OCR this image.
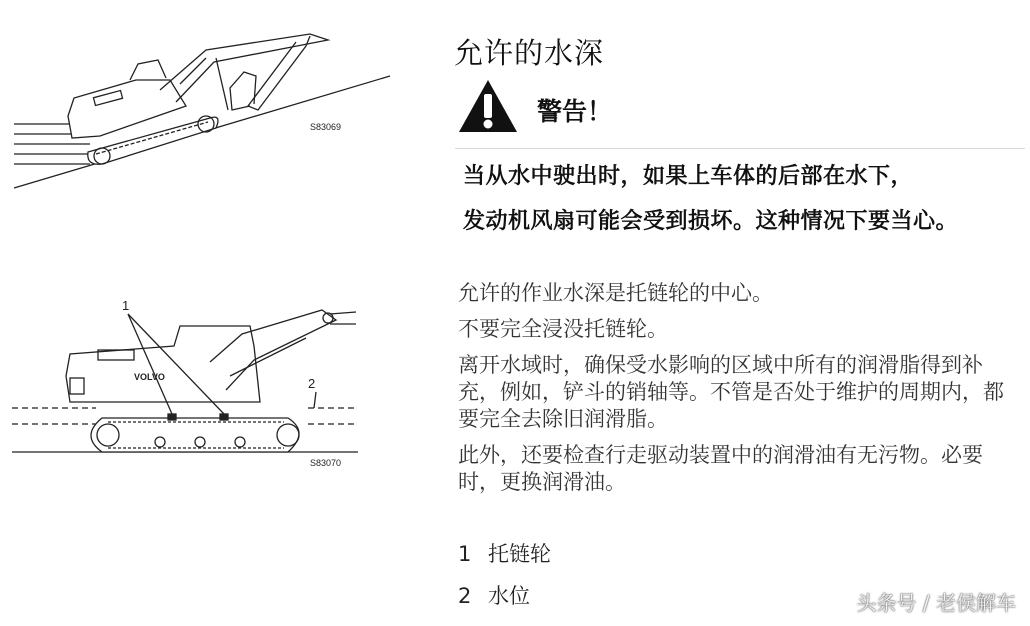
S83069
VOLVO
1
2
S83070
允许的水深
警告！

当从水中驶出时，如果上车体的后部在水下，

发动机风扇可能会受到损坏。这种情况下要当心。

允许的作业水深是托链轮的中心。

不要完全浸没托链轮。

离开水域时，确保受水影响的区域中所有的润滑脂得到补充，例如，铲斗的销轴等。不管是否处于维护的周期内，都要完全去除旧润滑脂。

此外，还要检查行走驱动装置中的润滑油有无污物。必要时，更换润滑油。

1 托链轮
2 水位	头条号 / 老侯解车
